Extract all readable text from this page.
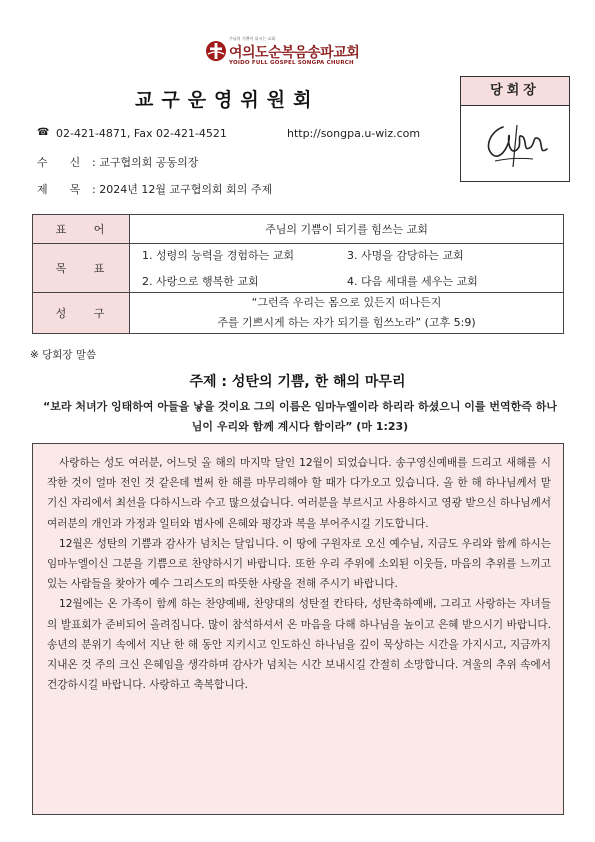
주님의 기쁨이 되시는 교회
여의도순복음송파교회
YOIDO FULL GOSPEL SONGPA CHURCH
교구운영위원회	당회장
☎ 02-421-4871, Fax 02-421-4521	http://songpa.u-wiz.com
수　　신 : 교구협의회 공동의장
제　　목 : 2024년 12월 교구협의회 회의 주제
표 어	주님의 기쁨이 되기를 힘쓰는 교회
목 표	1. 성령의 능력을 경험하는 교회 3. 사명을 감당하는 교회
2. 사랑으로 행복한 교회 4. 다음 세대를 세우는 교회

성 구	“그런즉 우리는 몸으로 있든지 떠나든지
주를 기쁘시게 하는 자가 되기를 힘쓰노라” (고후 5:9)
※ 당회장 말씀
주제 : 성탄의 기쁨, 한 해의 마무리
“보라 처녀가 잉태하여 아들을 낳을 것이요 그의 이름은 임마누엘이라 하리라 하셨으니 이를 번역한즉 하나님이 우리와 함께 계시다 함이라” (마 1:23)

사랑하는 성도 여러분, 어느덧 올 해의 마지막 달인 12월이 되었습니다. 송구영신예배를 드리고 새해를 시작한 것이 얼마 전인 것 같은데 벌써 한 해를 마무리해야 할 때가 다가오고 있습니다. 올 한 해 하나님께서 맡기신 자리에서 최선을 다하시느라 수고 많으셨습니다. 여러분을 부르시고 사용하시고 영광 받으신 하나님께서 여러분의 개인과 가정과 일터와 범사에 은혜와 평강과 복을 부어주시길 기도합니다.

12월은 성탄의 기쁨과 감사가 넘치는 달입니다. 이 땅에 구원자로 오신 예수님, 지금도 우리와 함께 하시는 임마누엘이신 그분을 기쁨으로 찬양하시기 바랍니다. 또한 우리 주위에 소외된 이웃들, 마음의 추위를 느끼고 있는 사람들을 찾아가 예수 그리스도의 따뜻한 사랑을 전해 주시기 바랍니다.

12월에는 온 가족이 함께 하는 찬양예배, 찬양대의 성탄절 칸타타, 성탄축하예배, 그리고 사랑하는 자녀들의 발표회가 준비되어 올려집니다. 많이 참석하셔서 온 마음을 다해 하나님을 높이고 은혜 받으시기 바랍니다. 송년의 분위기 속에서 지난 한 해 동안 지키시고 인도하신 하나님을 깊이 묵상하는 시간을 가지시고, 지금까지 지내온 것 주의 크신 은혜임을 생각하며 감사가 넘치는 시간 보내시길 간절히 소망합니다. 겨울의 추위 속에서 건강하시길 바랍니다. 사랑하고 축복합니다.
